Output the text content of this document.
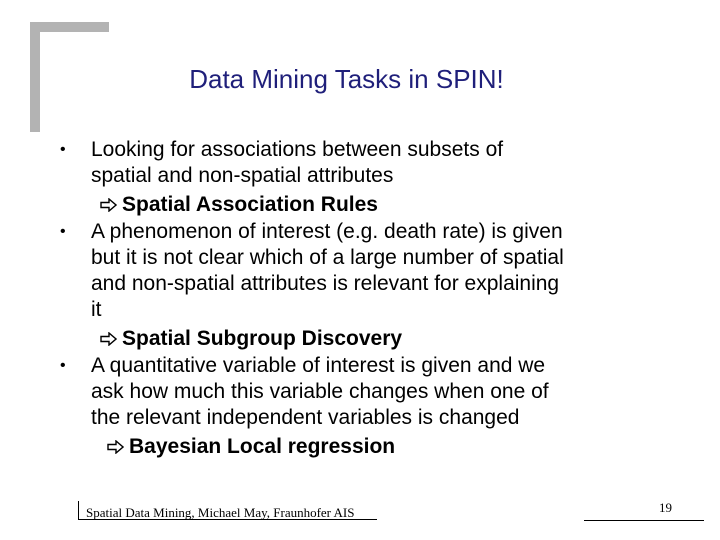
Data Mining Tasks in SPIN!
• Looking for associations between subsets of
spatial and non-spatial attributes
Spatial Association Rules
• A phenomenon of interest (e.g. death rate) is given
but it is not clear which of a large number of spatial
and non-spatial attributes is relevant for explaining
it
Spatial Subgroup Discovery
• A quantitative variable of interest is given and we
ask how much this variable changes when one of
the relevant independent variables is changed
Bayesian Local regression
Spatial Data Mining, Michael May, Fraunhofer AIS	19
